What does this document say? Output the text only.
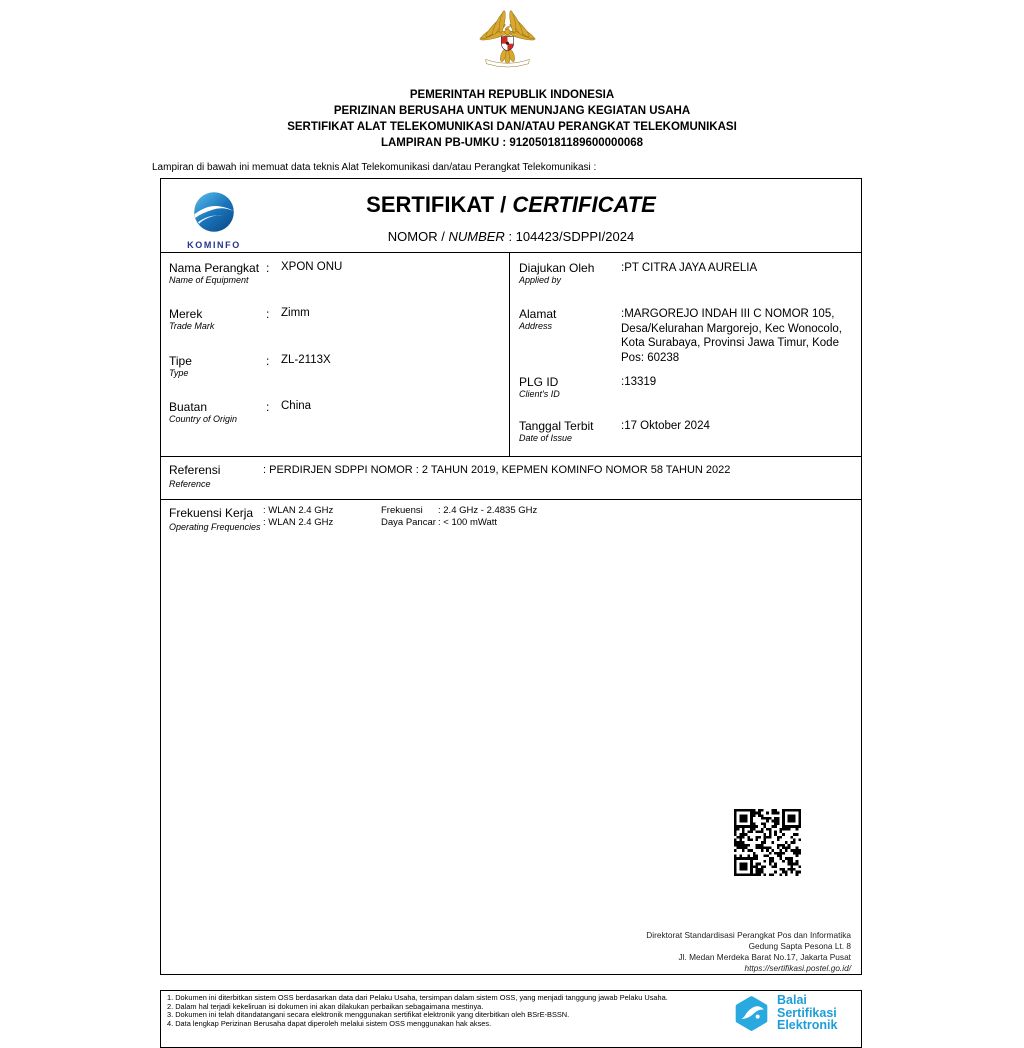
PEMERINTAH REPUBLIK INDONESIA
PERIZINAN BERUSAHA UNTUK MENUNJANG KEGIATAN USAHA
SERTIFIKAT ALAT TELEKOMUNIKASI DAN/ATAU PERANGKAT TELEKOMUNIKASI
LAMPIRAN PB-UMKU : 912050181189600000068
Lampiran di bawah ini memuat data teknis Alat Telekomunikasi dan/atau Perangkat Telekomunikasi :
KOMINFO
SERTIFIKAT / CERTIFICATE
NOMOR / NUMBER : 104423/SDPPI/2024
Nama Perangkat
Name of Equipment
: XPON ONU
Merek
Trade Mark
: Zimm
Tipe
Type
: ZL-2113X
Buatan
Country of Origin
: China
Diajukan Oleh
Applied by
:PT CITRA JAYA AURELIA
Alamat
Address
:MARGOREJO INDAH III C NOMOR 105, Desa/Kelurahan Margorejo, Kec Wonocolo, Kota Surabaya, Provinsi Jawa Timur, Kode Pos: 60238
PLG ID
Client's ID
:13319
Tanggal Terbit
Date of Issue
:17 Oktober 2024
Referensi
Reference
: PERDIRJEN SDPPI NOMOR : 2 TAHUN 2019, KEPMEN KOMINFO NOMOR 58 TAHUN 2022
Frekuensi Kerja
Operating Frequencies
: WLAN 2.4 GHz
: WLAN 2.4 GHz
Frekuensi : 2.4 GHz - 2.4835 GHz
Daya Pancar : < 100 mWatt
Direktorat Standardisasi Perangkat Pos dan Informatika
Gedung Sapta Pesona Lt. 8
Jl. Medan Merdeka Barat No.17, Jakarta Pusat
https://sertifikasi.postel.go.id/
1. Dokumen ini diterbitkan sistem OSS berdasarkan data dari Pelaku Usaha, tersimpan dalam sistem OSS, yang menjadi tanggung jawab Pelaku Usaha.
2. Dalam hal terjadi kekeliruan isi dokumen ini akan dilakukan perbaikan sebagaimana mestinya.
3. Dokumen ini telah ditandatangani secara elektronik menggunakan sertifikat elektronik yang diterbitkan oleh BSrE-BSSN.
4. Data lengkap Perizinan Berusaha dapat diperoleh melalui sistem OSS menggunakan hak akses.
Balai
Sertifikasi
Elektronik
